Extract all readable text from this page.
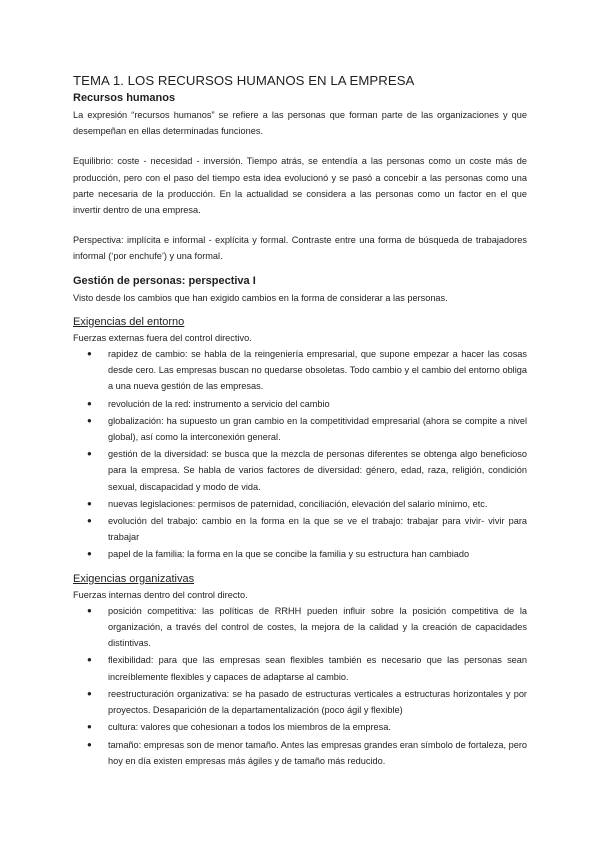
TEMA 1. LOS RECURSOS HUMANOS EN LA EMPRESA
Recursos humanos

La expresión “recursos humanos” se refiere a las personas que forman parte de las organizaciones y que desempeñan en ellas determinadas funciones.

Equilibrio: coste - necesidad - inversión. Tiempo atrás, se entendía a las personas como un coste más de producción, pero con el paso del tiempo esta idea evolucionó y se pasó a concebir a las personas como una parte necesaria de la producción. En la actualidad se considera a las personas como un factor en el que invertir dentro de una empresa.

Perspectiva: implícita e informal - explícita y formal. Contraste entre una forma de búsqueda de trabajadores informal (‘por enchufe’) y una formal.

Gestión de personas: perspectiva I

Visto desde los cambios que han exigido cambios en la forma de considerar a las personas.

Exigencias del entorno

Fuerzas externas fuera del control directivo.

●	rapidez de cambio: se habla de la reingeniería empresarial, que supone empezar a hacer las cosas desde cero. Las empresas buscan no quedarse obsoletas. Todo cambio y el cambio del entorno obliga a una nueva gestión de las empresas.
●	revolución de la red: instrumento a servicio del cambio
●	globalización: ha supuesto un gran cambio en la competitividad empresarial (ahora se compite a nivel global), así como la interconexión general.
●	gestión de la diversidad: se busca que la mezcla de personas diferentes se obtenga algo beneficioso para la empresa. Se habla de varios factores de diversidad: género, edad, raza, religión, condición sexual, discapacidad y modo de vida.
●	nuevas legislaciones: permisos de paternidad, conciliación, elevación del salario mínimo, etc.
●	evolución del trabajo: cambio en la forma en la que se ve el trabajo: trabajar para vivir- vivir para trabajar
●	papel de la familia: la forma en la que se concibe la familia y su estructura han cambiado
Exigencias organizativas

Fuerzas internas dentro del control directo.

●	posición competitiva: las políticas de RRHH pueden influir sobre la posición competitiva de la organización, a través del control de costes, la mejora de la calidad y la creación de capacidades distintivas.
●	flexibilidad: para que las empresas sean flexibles también es necesario que las personas sean increíblemente flexibles y capaces de adaptarse al cambio.
●	reestructuración organizativa: se ha pasado de estructuras verticales a estructuras horizontales y por proyectos. Desaparición de la departamentalización (poco ágil y flexible)
●	cultura: valores que cohesionan a todos los miembros de la empresa.
●	tamaño: empresas son de menor tamaño. Antes las empresas grandes eran símbolo de fortaleza, pero hoy en día existen empresas más ágiles y de tamaño más reducido.
